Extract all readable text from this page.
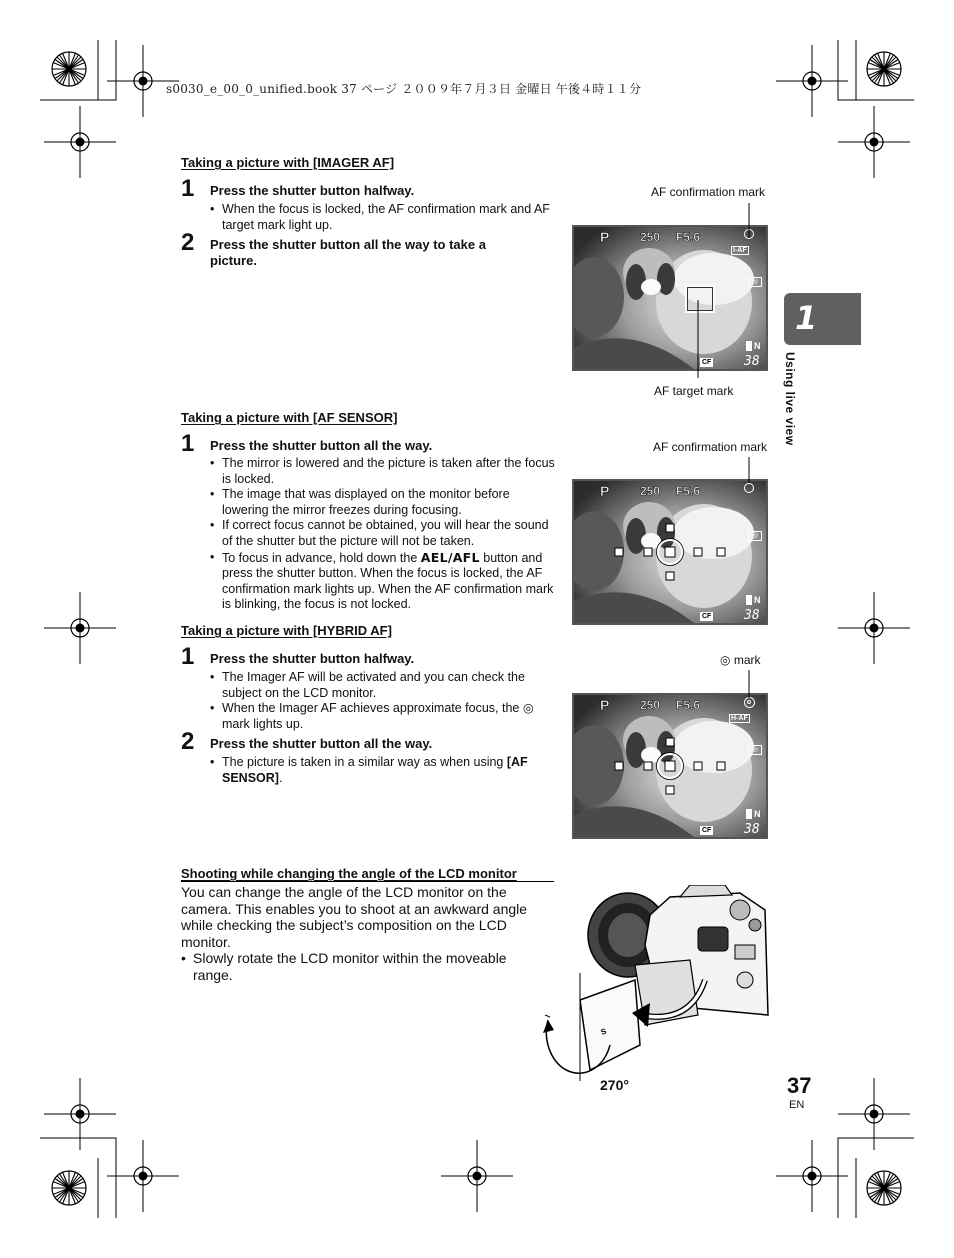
s0030_e_00_0_unified.book 37 ページ ２００９年７月３日 金曜日 午後４時１１分
Taking a picture with [IMAGER AF]
1 Press the shutter button halfway.
• When the focus is locked, the AF confirmation mark and AF target mark light up.
2 Press the shutter button all the way to take a picture.
AF confirmation mark
AF target mark
P	250 F5.6
I-AF
◎
N
CF	38
1
Using live view
Taking a picture with [AF SENSOR]
1 Press the shutter button all the way.
• The mirror is lowered and the picture is taken after the focus is locked.
• The image that was displayed on the monitor before lowering the mirror freezes during focusing.
• If correct focus cannot be obtained, you will hear the sound of the shutter but the picture will not be taken.
• To focus in advance, hold down the AEL/AFL button and press the shutter button. When the focus is locked, the AF confirmation mark lights up. When the AF confirmation mark is blinking, the focus is not locked.
AF confirmation mark
P	250 F5.6
◎
N
CF	38
Taking a picture with [HYBRID AF]
1 Press the shutter button halfway.
• The Imager AF will be activated and you can check the subject on the LCD monitor.
• When the Imager AF achieves approximate focus, the ◎ mark lights up.
2 Press the shutter button all the way.
• The picture is taken in a similar way as when using [AF SENSOR].
◎ mark
P	250 F5.6
H-AF
◎
N
CF	38
Shooting while changing the angle of the LCD monitor
You can change the angle of the LCD monitor on the camera. This enables you to shoot at an awkward angle while checking the subject’s composition on the LCD monitor.
• Slowly rotate the LCD monitor within the moveable range.
S
270°	37
EN
